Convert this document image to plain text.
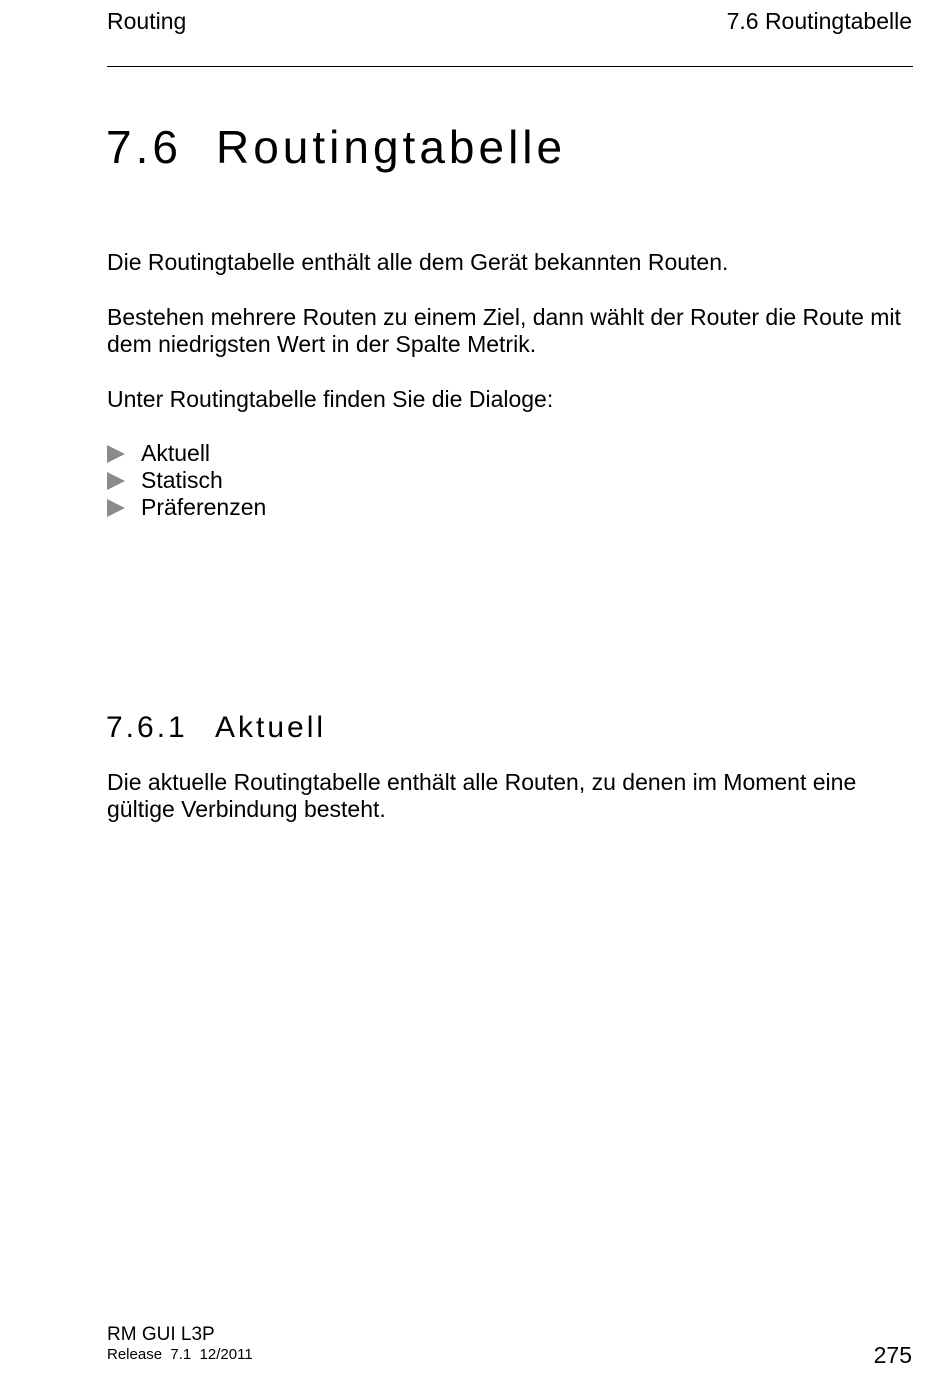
Routing	7.6 Routingtabelle
7.6 Routingtabelle

Die Routingtabelle enthält alle dem Gerät bekannten Routen.

Bestehen mehrere Routen zu einem Ziel, dann wählt der Router die Route mit dem niedrigsten Wert in der Spalte Metrik.

Unter Routingtabelle finden Sie die Dialoge:

Aktuell
Statisch
Präferenzen
7.6.1 Aktuell

Die aktuelle Routingtabelle enthält alle Routen, zu denen im Moment eine gültige Verbindung besteht.

RM GUI L3P
Release  7.1  12/2011	275
